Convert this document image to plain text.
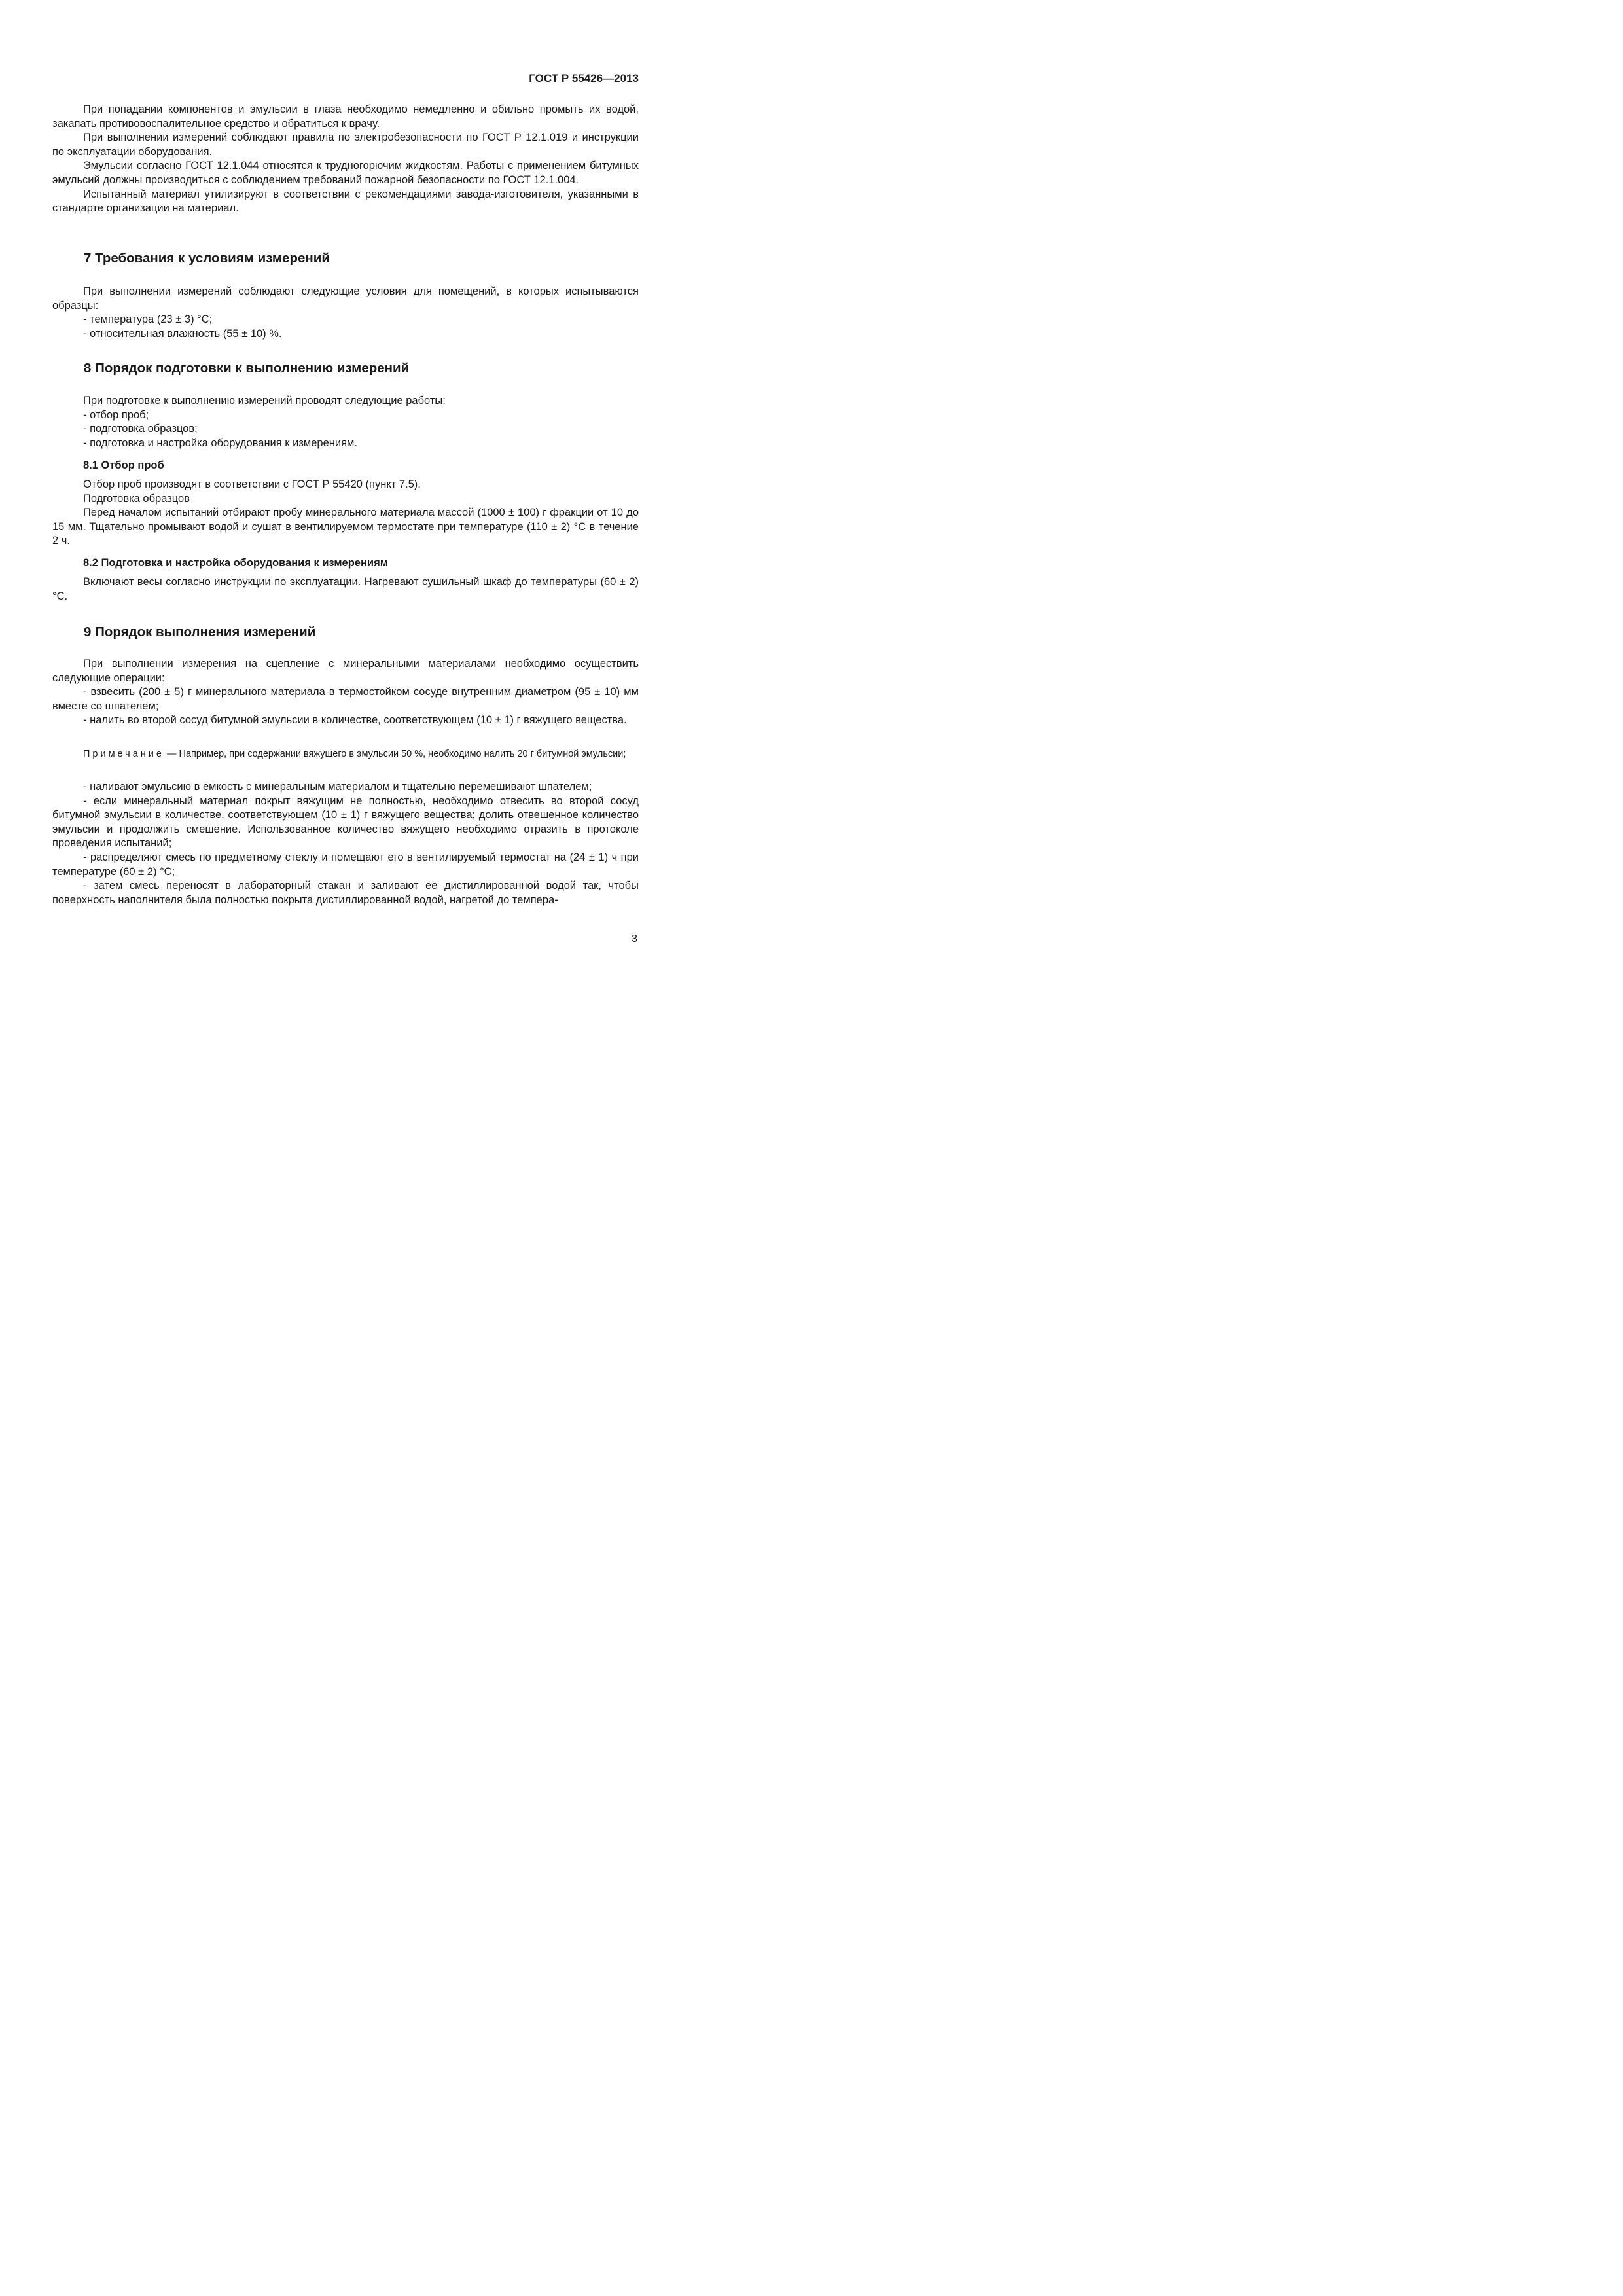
ГОСТ Р 55426—2013

При попадании компонентов и эмульсии в глаза необходимо немедленно и обильно промыть их водой, закапать противовоспалительное средство и обратиться к врачу.

При выполнении измерений соблюдают правила по электробезопасности по ГОСТ Р 12.1.019 и инструкции по эксплуатации оборудования.

Эмульсии согласно ГОСТ 12.1.044 относятся к трудногорючим жидкостям. Работы с применением битумных эмульсий должны производиться с соблюдением требований пожарной безопасности по ГОСТ 12.1.004.

Испытанный материал утилизируют в соответствии с рекомендациями завода-изготовителя, указанными в стандарте организации на материал.

7 Требования к условиям измерений

При выполнении измерений соблюдают следующие условия для помещений, в которых испытываются образцы:

- температура (23 ± 3) °C;

- относительная влажность (55 ± 10) %.

8 Порядок подготовки к выполнению измерений

При подготовке к выполнению измерений проводят следующие работы:

- отбор проб;

- подготовка образцов;

- подготовка и настройка оборудования к измерениям.

8.1 Отбор проб

Отбор проб производят в соответствии с ГОСТ Р 55420 (пункт 7.5).

Подготовка образцов

Перед началом испытаний отбирают пробу минерального материала массой (1000 ± 100) г фракции от 10 до 15 мм. Тщательно промывают водой и сушат в вентилируемом термостате при температуре (110 ± 2) °C в течение 2 ч.

8.2 Подготовка и настройка оборудования к измерениям

Включают весы согласно инструкции по эксплуатации. Нагревают сушильный шкаф до температуры (60 ± 2) °C.

9 Порядок выполнения измерений

При выполнении измерения на сцепление с минеральными материалами необходимо осуществить следующие операции:

- взвесить (200 ± 5) г минерального материала в термостойком сосуде внутренним диаметром (95 ± 10) мм вместе со шпателем;

- налить во второй сосуд битумной эмульсии в количестве, соответствующем (10 ± 1) г вяжущего вещества.

Примечание — Например, при содержании вяжущего в эмульсии 50 %, необходимо налить 20 г битумной эмульсии;

- наливают эмульсию в емкость с минеральным материалом и тщательно перемешивают шпателем;

- если минеральный материал покрыт вяжущим не полностью, необходимо отвесить во второй сосуд битумной эмульсии в количестве, соответствующем (10 ± 1) г вяжущего вещества; долить отвешенное количество эмульсии и продолжить смешение. Использованное количество вяжущего необходимо отразить в протоколе проведения испытаний;

- распределяют смесь по предметному стеклу и помещают его в вентилируемый термостат на (24 ± 1) ч при температуре (60 ± 2) °C;

- затем смесь переносят в лабораторный стакан и заливают ее дистиллированной водой так, чтобы поверхность наполнителя была полностью покрыта дистиллированной водой, нагретой до темпера-

3
